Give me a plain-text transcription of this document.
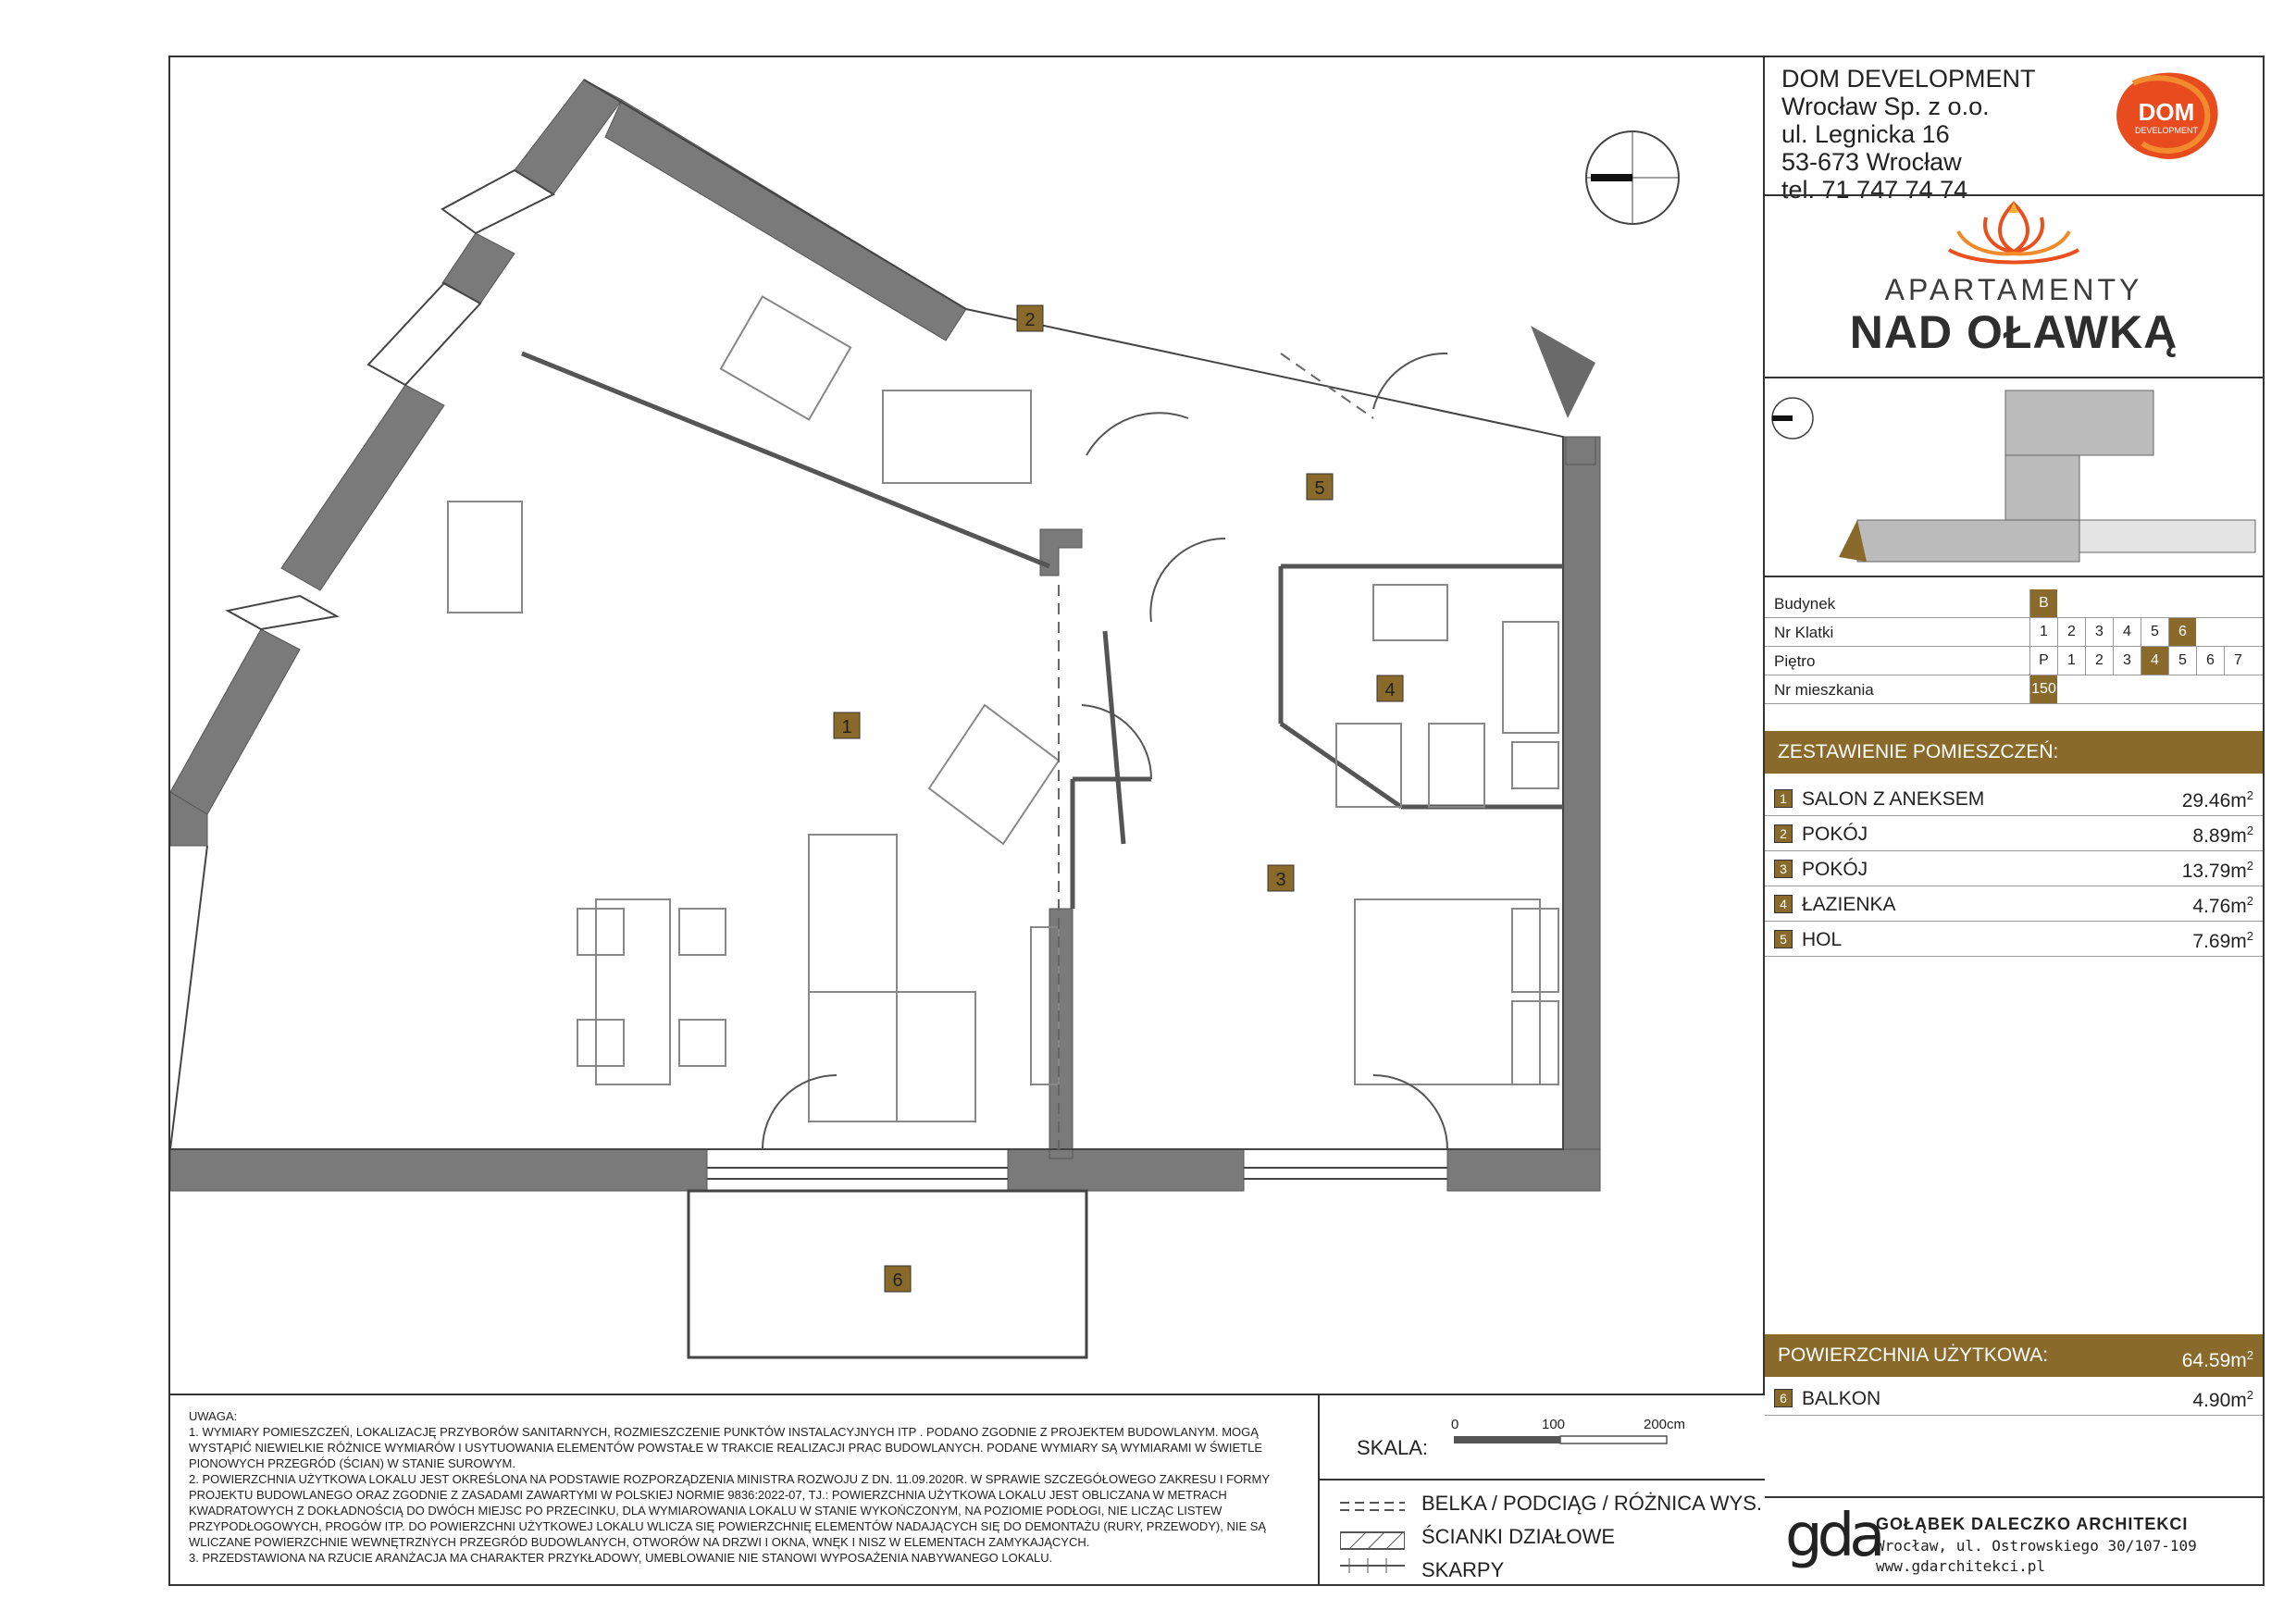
1
2
3
4
5
6
DOM DEVELOPMENT
Wrocław Sp. z o.o.
ul. Legnicka 16
53-673 Wrocław
tel. 71 747 74 74
DOM
DEVELOPMENT
APARTAMENTY
NAD OŁAWKĄ
Budynek	B
Nr Klatki	1	2	3	4	5	6
Piętro	P	1	2	3	4	5	6	7
Nr mieszkania	150
ZESTAWIENIE POMIESZCZEŃ:
1 SALON Z ANEKSEM	$29.46m^2$
2 POKÓJ	$8.89m^2$
3 POKÓJ	$13.79m^2$
4 ŁAZIENKA	$4.76m^2$
5 HOL	$7.69m^2$
POWIERZCHNIA UŻYTKOWA:	$64.59m^2$
6 BALKON	$4.90m^2$

UWAGA:

1. WYMIARY POMIESZCZEŃ, LOKALIZACJĘ PRZYBORÓW SANITARNYCH, ROZMIESZCZENIE PUNKTÓW INSTALACYJNYCH ITP . PODANO ZGODNIE Z PROJEKTEM BUDOWLANYM. MOGĄ WYSTĄPIĆ NIEWIELKIE RÓŻNICE WYMIARÓW I USYTUOWANIA ELEMENTÓW POWSTAŁE W TRAKCIE REALIZACJI PRAC BUDOWLANYCH. PODANE WYMIARY SĄ WYMIARAMI W ŚWIETLE PIONOWYCH PRZEGRÓD (ŚCIAN) W STANIE SUROWYM.

2. POWIERZCHNIA UŻYTKOWA LOKALU JEST OKREŚLONA NA PODSTAWIE ROZPORZĄDZENIA MINISTRA ROZWOJU Z DN. 11.09.2020R. W SPRAWIE SZCZEGÓŁOWEGO ZAKRESU I FORMY PROJEKTU BUDOWLANEGO ORAZ ZGODNIE Z ZASADAMI ZAWARTYMI W POLSKIEJ NORMIE 9836:2022-07, TJ.: POWIERZCHNIA UŻYTKOWA LOKALU JEST OBLICZANA W METRACH KWADRATOWYCH Z DOKŁADNOŚCIĄ DO DWÓCH MIEJSC PO PRZECINKU, DLA WYMIAROWANIA LOKALU W STANIE WYKOŃCZONYM, NA POZIOMIE PODŁOGI, NIE LICZĄC LISTEW PRZYPODŁOGOWYCH, PROGÓW ITP. DO POWIERZCHNI UŻYTKOWEJ LOKALU WLICZA SIĘ POWIERZCHNIĘ ELEMENTÓW NADAJĄCYCH SIĘ DO DEMONTAŻU (RURY, PRZEWODY), NIE SĄ WLICZANE POWIERZCHNIE WEWNĘTRZNYCH PRZEGRÓD BUDOWLANYCH, OTWORÓW NA DRZWI I OKNA, WNĘK I NISZ W ELEMENTACH ZAMYKAJĄCYCH.

3. PRZEDSTAWIONA NA RZUCIE ARANŻACJA MA CHARAKTER PRZYKŁADOWY, UMEBLOWANIE NIE STANOWI WYPOSAŻENIA NABYWANEGO LOKALU.

SKALA:
0	100	200cm
BELKA / PODCIĄG / RÓŻNICA WYS.
ŚCIANKI DZIAŁOWE
SKARPY	gda
GOŁĄBEK DALECZKO ARCHITEKCI
Wrocław, ul. Ostrowskiego 30/107-109
www.gdarchitekci.pl
